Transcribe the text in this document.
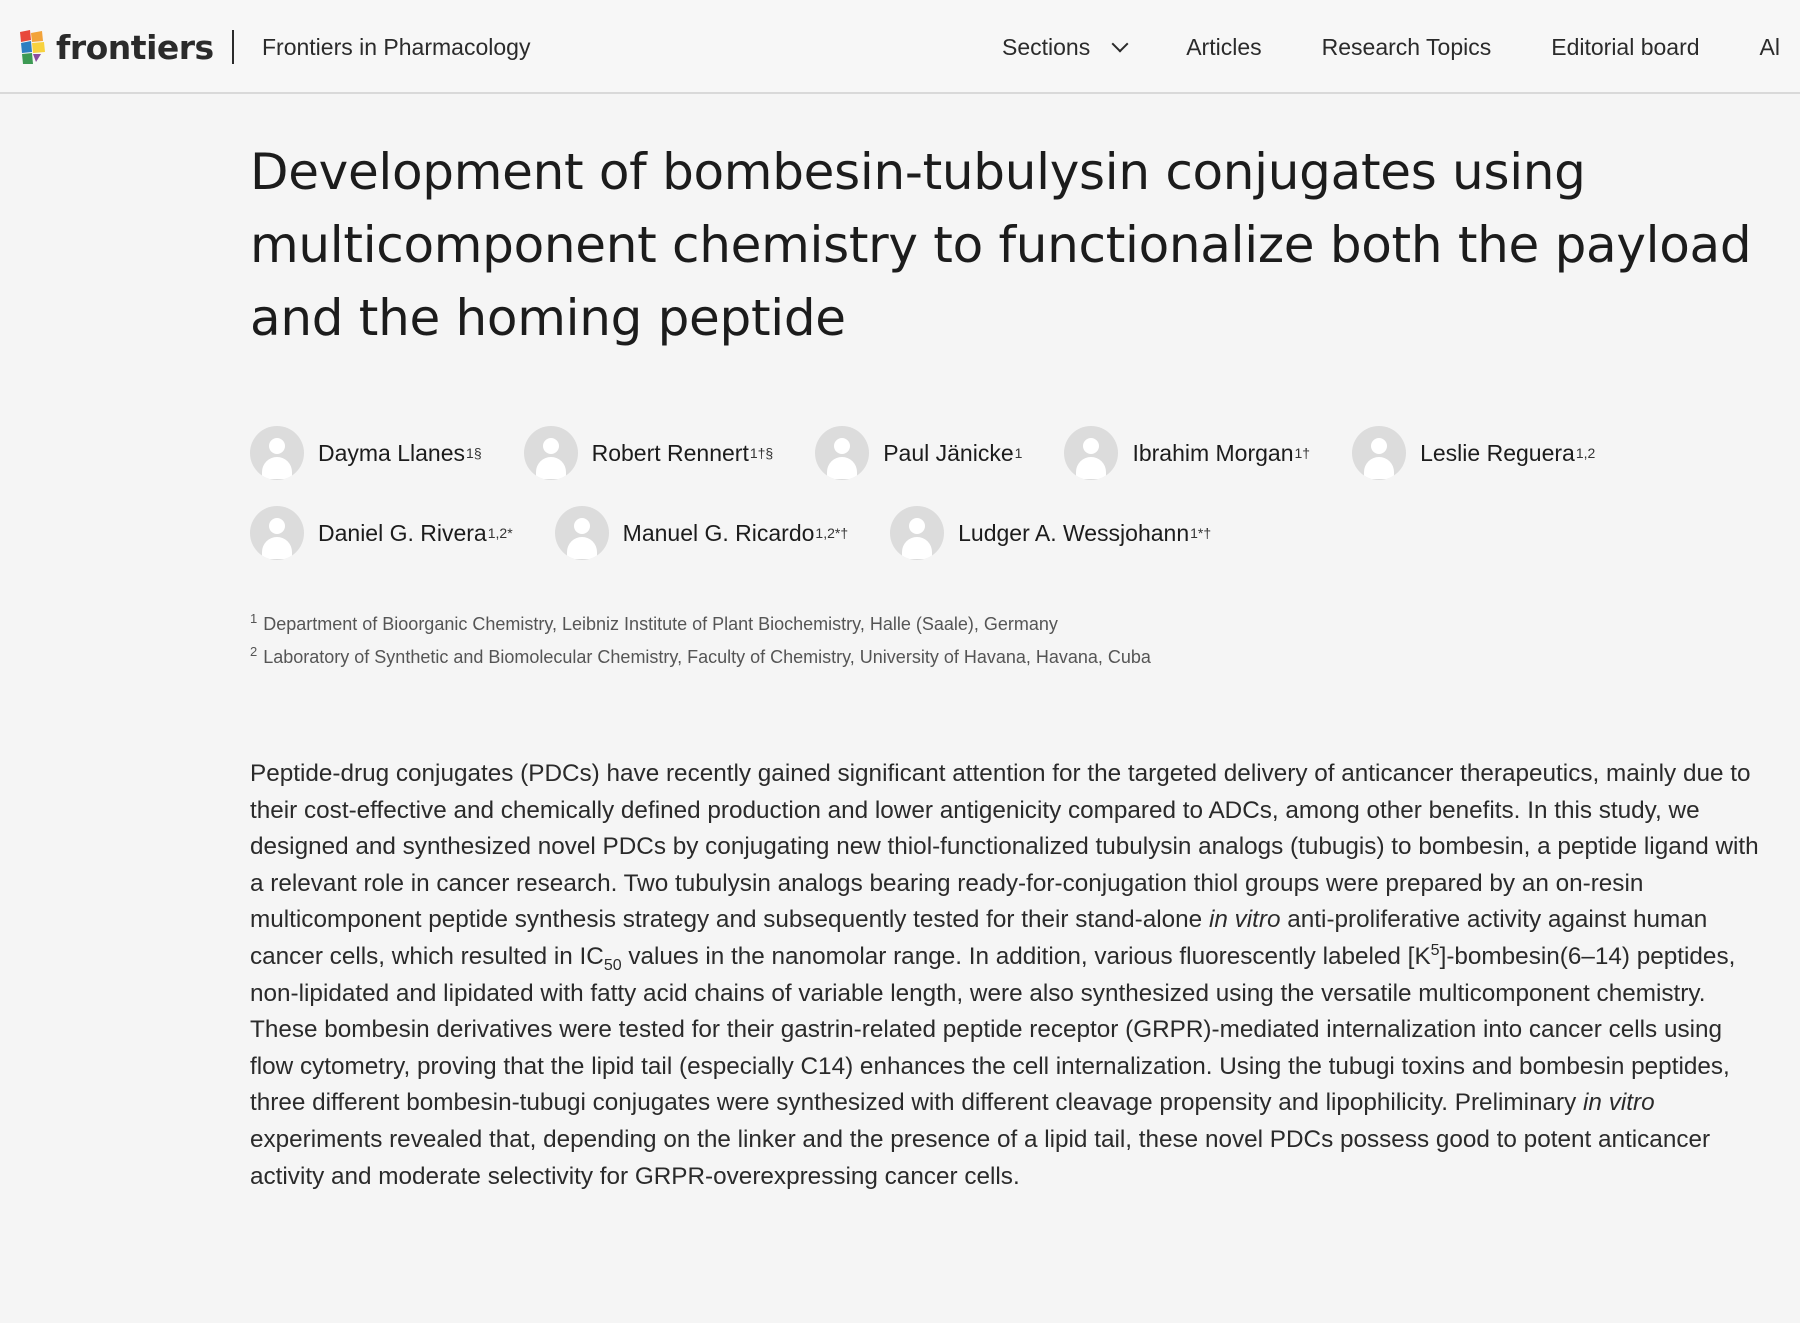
frontiers Frontiers in Pharmacology	Sections	Articles	Research Topics	Editorial board	Al
Development of bombesin-tubulysin conjugates using multicomponent chemistry to functionalize both the payload and the homing peptide
Dayma Llanes 1§	Robert Rennert 1†§	Paul Jänicke 1	Ibrahim Morgan 1†	Leslie Reguera 1,2
Daniel G. Rivera 1,2*	Manuel G. Ricardo 1,2*†	Ludger A. Wessjohann 1*†
$^1$ Department of Bioorganic Chemistry, Leibniz Institute of Plant Biochemistry, Halle (Saale), Germany
$^2$ Laboratory of Synthetic and Biomolecular Chemistry, Faculty of Chemistry, University of Havana, Havana, Cuba

Peptide-drug conjugates (PDCs) have recently gained significant attention for the targeted delivery of anticancer therapeutics, mainly due to their cost-effective and chemically defined production and lower antigenicity compared to ADCs, among other benefits. In this study, we designed and synthesized novel PDCs by conjugating new thiol-functionalized tubulysin analogs (tubugis) to bombesin, a peptide ligand with a relevant role in cancer research. Two tubulysin analogs bearing ready-for-conjugation thiol groups were prepared by an on-resin multicomponent peptide synthesis strategy and subsequently tested for their stand-alone in vitro anti-proliferative activity against human cancer cells, which resulted in $IC_{50}$ values in the nanomolar range. In addition, various fluorescently labeled $[K^5]-bombesin(6-14)$ peptides, non-lipidated and lipidated with fatty acid chains of variable length, were also synthesized using the versatile multicomponent chemistry. These bombesin derivatives were tested for their gastrin-related peptide receptor (GRPR)-mediated internalization into cancer cells using flow cytometry, proving that the lipid tail (especially C14) enhances the cell internalization. Using the tubugi toxins and bombesin peptides, three different bombesin-tubugi conjugates were synthesized with different cleavage propensity and lipophilicity. Preliminary in vitro experiments revealed that, depending on the linker and the presence of a lipid tail, these novel PDCs possess good to potent anticancer activity and moderate selectivity for GRPR-overexpressing cancer cells.
